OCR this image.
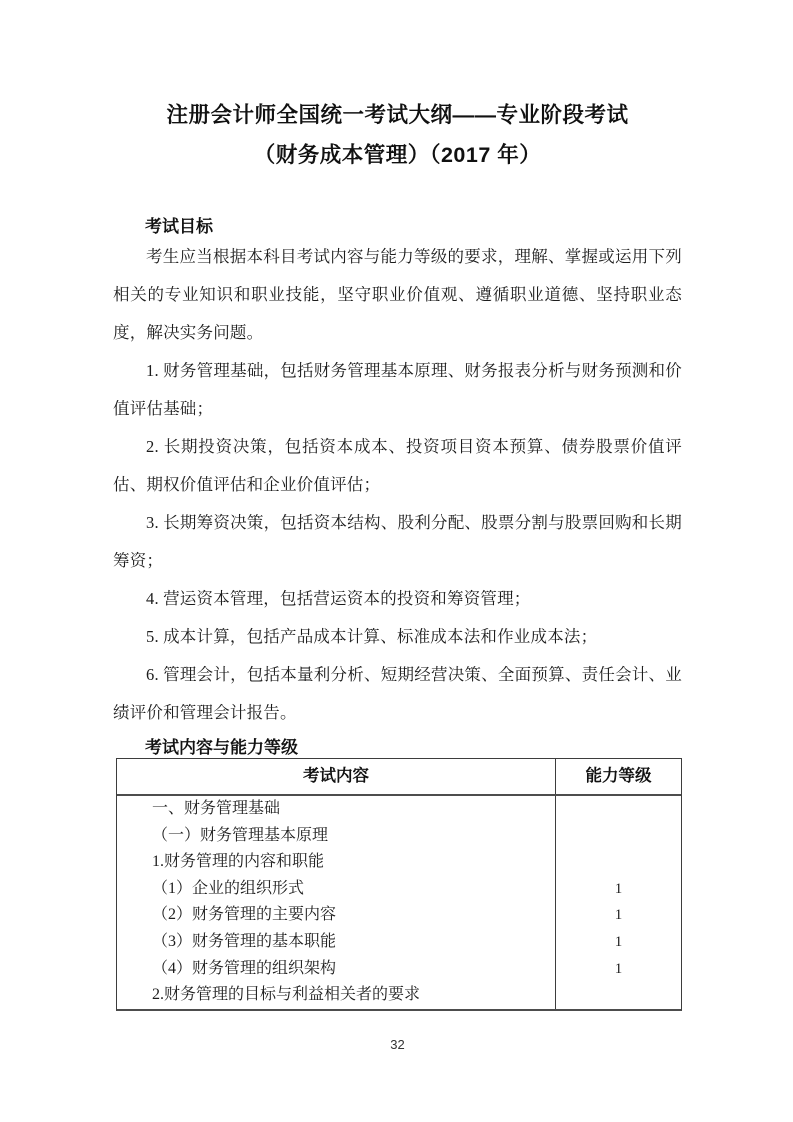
注册会计师全国统一考试大纲——专业阶段考试
（财务成本管理）（2017 年）
考试目标

考生应当根据本科目考试内容与能力等级的要求，理解、掌握或运用下列相关的专业知识和职业技能，坚守职业价值观、遵循职业道德、坚持职业态度，解决实务问题。

1. 财务管理基础，包括财务管理基本原理、财务报表分析与财务预测和价值评估基础；

2. 长期投资决策，包括资本成本、投资项目资本预算、债券股票价值评估、期权价值评估和企业价值评估；

3. 长期筹资决策，包括资本结构、股利分配、股票分割与股票回购和长期筹资；

4. 营运资本管理，包括营运资本的投资和筹资管理；

5. 成本计算，包括产品成本计算、标准成本法和作业成本法；

6. 管理会计，包括本量利分析、短期经营决策、全面预算、责任会计、业绩评价和管理会计报告。

考试内容与能力等级
考试内容	能力等级
一、财务管理基础
（一）财务管理基本原理
1.财务管理的内容和职能
（1）企业的组织形式	1
（2）财务管理的主要内容	1
（3）财务管理的基本职能	1
（4）财务管理的组织架构	1
2.财务管理的目标与利益相关者的要求
32
